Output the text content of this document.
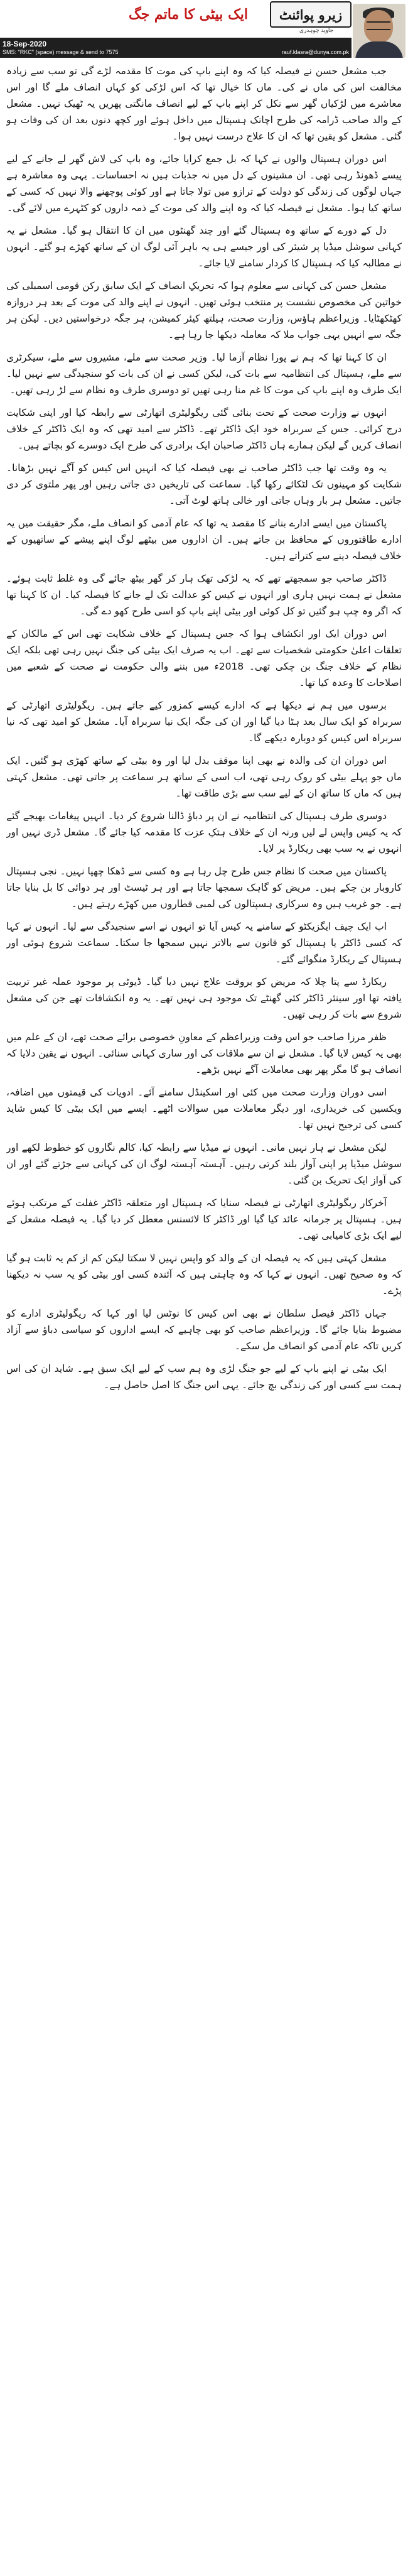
ایک بیٹی کا ماتم جگ	زیرو پوائنٹ
جاوید چوہدری
18-Sep-2020
SMS: "RKC" (space) message & send to 7575	rauf.klasra@dunya.com.pk

جب مشعل حسن نے فیصلہ کیا کہ وہ اپنے باپ کی موت کا مقدمہ لڑے گی تو سب سے زیادہ مخالفت اس کی ماں نے کی۔ ماں کا خیال تھا کہ اس لڑکی کو کہاں انصاف ملے گا اور اس معاشرے میں لڑکیاں گھر سے نکل کر اپنے باپ کے لیے انصاف مانگتی پھریں یہ ٹھیک نہیں۔ مشعل کے والد صاحب ڈرامہ کی طرح اچانک ہسپتال میں داخل ہوئے اور کچھ دنوں بعد ان کی وفات ہو گئی۔ مشعل کو یقین تھا کہ ان کا علاج درست نہیں ہوا۔

اس دوران ہسپتال والوں نے کہا کہ بل جمع کرایا جائے، وہ باپ کی لاش گھر لے جانے کے لیے پیسے ڈھونڈ رہی تھی۔ ان مشینوں کے دل میں نہ جذبات ہیں نہ احساسات۔ یہی وہ معاشرہ ہے جہاں لوگوں کی زندگی کو دولت کے ترازو میں تولا جاتا ہے اور کوئی پوچھنے والا نہیں کہ کسی کے ساتھ کیا ہوا۔ مشعل نے فیصلہ کیا کہ وہ اپنے والد کی موت کے ذمہ داروں کو کٹہرے میں لائے گی۔

دل کے دورے کے ساتھ وہ ہسپتال گئے اور چند گھنٹوں میں ان کا انتقال ہو گیا۔ مشعل نے یہ کہانی سوشل میڈیا پر شیئر کی اور جیسے ہی یہ باہر آئی لوگ ان کے ساتھ کھڑے ہو گئے۔ انہوں نے مطالبہ کیا کہ ہسپتال کا کردار سامنے لایا جائے۔

مشعل حسن کی کہانی سے معلوم ہوا کہ تحریکِ انصاف کے ایک سابق رکن قومی اسمبلی کی خواتین کی مخصوص نشست پر منتخب ہوئی تھیں۔ انہوں نے اپنے والد کی موت کے بعد ہر دروازہ کھٹکھٹایا۔ وزیراعظم ہاؤس، وزارت صحت، ہیلتھ کیئر کمیشن، ہر جگہ درخواستیں دیں۔ لیکن ہر جگہ سے انہیں یہی جواب ملا کہ معاملہ دیکھا جا رہا ہے۔

ان کا کہنا تھا کہ ہم نے پورا نظام آزما لیا۔ وزیر صحت سے ملے، مشیروں سے ملے، سیکرٹری سے ملے، ہسپتال کی انتظامیہ سے بات کی، لیکن کسی نے ان کی بات کو سنجیدگی سے نہیں لیا۔ ایک طرف وہ اپنے باپ کی موت کا غم منا رہی تھیں تو دوسری طرف وہ نظام سے لڑ رہی تھیں۔

انہوں نے وزارت صحت کے تحت بنائی گئی ریگولیٹری اتھارٹی سے رابطہ کیا اور اپنی شکایت درج کرائی۔ جس کے سربراہ خود ایک ڈاکٹر تھے۔ ڈاکٹر سے امید تھی کہ وہ ایک ڈاکٹر کے خلاف انصاف کریں گے لیکن ہمارے ہاں ڈاکٹر صاحبان ایک برادری کی طرح ایک دوسرے کو بچاتے ہیں۔

یہ وہ وقت تھا جب ڈاکٹر صاحب نے بھی فیصلہ کیا کہ انہیں اس کیس کو آگے نہیں بڑھانا۔ شکایت کو مہینوں تک لٹکائے رکھا گیا۔ سماعت کی تاریخیں دی جاتی رہیں اور پھر ملتوی کر دی جاتیں۔ مشعل ہر بار وہاں جاتی اور خالی ہاتھ لوٹ آتی۔

پاکستان میں ایسے ادارے بنانے کا مقصد یہ تھا کہ عام آدمی کو انصاف ملے، مگر حقیقت میں یہ ادارے طاقتوروں کے محافظ بن جاتے ہیں۔ ان اداروں میں بیٹھے لوگ اپنے پیشے کے ساتھیوں کے خلاف فیصلہ دینے سے کتراتے ہیں۔

ڈاکٹر صاحب جو سمجھتے تھے کہ یہ لڑکی تھک ہار کر گھر بیٹھ جائے گی وہ غلط ثابت ہوئے۔ مشعل نے ہمت نہیں ہاری اور انہوں نے کیس کو عدالت تک لے جانے کا فیصلہ کیا۔ ان کا کہنا تھا کہ اگر وہ چپ ہو گئیں تو کل کوئی اور بیٹی اپنے باپ کو اسی طرح کھو دے گی۔

اس دوران ایک اور انکشاف ہوا کہ جس ہسپتال کے خلاف شکایت تھی اس کے مالکان کے تعلقات اعلیٰ حکومتی شخصیات سے تھے۔ اب یہ صرف ایک بیٹی کی جنگ نہیں رہی تھی بلکہ ایک نظام کے خلاف جنگ بن چکی تھی۔ 2018ء میں بننے والی حکومت نے صحت کے شعبے میں اصلاحات کا وعدہ کیا تھا۔

برسوں میں ہم نے دیکھا ہے کہ ادارے کیسے کمزور کیے جاتے ہیں۔ ریگولیٹری اتھارٹی کے سربراہ کو ایک سال بعد ہٹا دیا گیا اور ان کی جگہ ایک نیا سربراہ آیا۔ مشعل کو امید تھی کہ نیا سربراہ اس کیس کو دوبارہ دیکھے گا۔

اس دوران ان کی والدہ نے بھی اپنا موقف بدل لیا اور وہ بیٹی کے ساتھ کھڑی ہو گئیں۔ ایک ماں جو پہلے بیٹی کو روک رہی تھی، اب اسی کے ساتھ ہر سماعت پر جاتی تھی۔ مشعل کہتی ہیں کہ ماں کا ساتھ ان کے لیے سب سے بڑی طاقت تھا۔

دوسری طرف ہسپتال کی انتظامیہ نے ان پر دباؤ ڈالنا شروع کر دیا۔ انہیں پیغامات بھیجے گئے کہ یہ کیس واپس لے لیں ورنہ ان کے خلاف ہتکِ عزت کا مقدمہ کیا جائے گا۔ مشعل ڈری نہیں اور انہوں نے یہ سب بھی ریکارڈ پر لایا۔

پاکستان میں صحت کا نظام جس طرح چل رہا ہے وہ کسی سے ڈھکا چھپا نہیں۔ نجی ہسپتال کاروبار بن چکے ہیں۔ مریض کو گاہک سمجھا جاتا ہے اور ہر ٹیسٹ اور ہر دوائی کا بل بنایا جاتا ہے۔ جو غریب ہیں وہ سرکاری ہسپتالوں کی لمبی قطاروں میں کھڑے رہتے ہیں۔

اب ایک چیف ایگزیکٹو کے سامنے یہ کیس آیا تو انہوں نے اسے سنجیدگی سے لیا۔ انہوں نے کہا کہ کسی ڈاکٹر یا ہسپتال کو قانون سے بالاتر نہیں سمجھا جا سکتا۔ سماعت شروع ہوئی اور ہسپتال کے ریکارڈ منگوائے گئے۔

ریکارڈ سے پتا چلا کہ مریض کو بروقت علاج نہیں دیا گیا۔ ڈیوٹی پر موجود عملہ غیر تربیت یافتہ تھا اور سینئر ڈاکٹر کئی گھنٹے تک موجود ہی نہیں تھے۔ یہ وہ انکشافات تھے جن کی مشعل شروع سے بات کر رہی تھیں۔

ظفر مرزا صاحب جو اس وقت وزیراعظم کے معاونِ خصوصی برائے صحت تھے، ان کے علم میں بھی یہ کیس لایا گیا۔ مشعل نے ان سے ملاقات کی اور ساری کہانی سنائی۔ انہوں نے یقین دلایا کہ انصاف ہو گا مگر پھر بھی معاملات آگے نہیں بڑھے۔

اسی دوران وزارت صحت میں کئی اور اسکینڈل سامنے آئے۔ ادویات کی قیمتوں میں اضافہ، ویکسین کی خریداری، اور دیگر معاملات میں سوالات اٹھے۔ ایسے میں ایک بیٹی کا کیس شاید کسی کی ترجیح نہیں تھا۔

لیکن مشعل نے ہار نہیں مانی۔ انہوں نے میڈیا سے رابطہ کیا، کالم نگاروں کو خطوط لکھے اور سوشل میڈیا پر اپنی آواز بلند کرتی رہیں۔ آہستہ آہستہ لوگ ان کی کہانی سے جڑتے گئے اور ان کی آواز ایک تحریک بن گئی۔

آخرکار ریگولیٹری اتھارٹی نے فیصلہ سنایا کہ ہسپتال اور متعلقہ ڈاکٹر غفلت کے مرتکب ہوئے ہیں۔ ہسپتال پر جرمانہ عائد کیا گیا اور ڈاکٹر کا لائسنس معطل کر دیا گیا۔ یہ فیصلہ مشعل کے لیے ایک بڑی کامیابی تھی۔

مشعل کہتی ہیں کہ یہ فیصلہ ان کے والد کو واپس نہیں لا سکتا لیکن کم از کم یہ ثابت ہو گیا کہ وہ صحیح تھیں۔ انہوں نے کہا کہ وہ چاہتی ہیں کہ آئندہ کسی اور بیٹی کو یہ سب نہ دیکھنا پڑے۔

جہاں ڈاکٹر فیصل سلطان نے بھی اس کیس کا نوٹس لیا اور کہا کہ ریگولیٹری ادارے کو مضبوط بنایا جائے گا۔ وزیراعظم صاحب کو بھی چاہیے کہ ایسے اداروں کو سیاسی دباؤ سے آزاد کریں تاکہ عام آدمی کو انصاف مل سکے۔

ایک بیٹی نے اپنے باپ کے لیے جو جنگ لڑی وہ ہم سب کے لیے ایک سبق ہے۔ شاید ان کی اس ہمت سے کسی اور کی زندگی بچ جائے۔ یہی اس جنگ کا اصل حاصل ہے۔
